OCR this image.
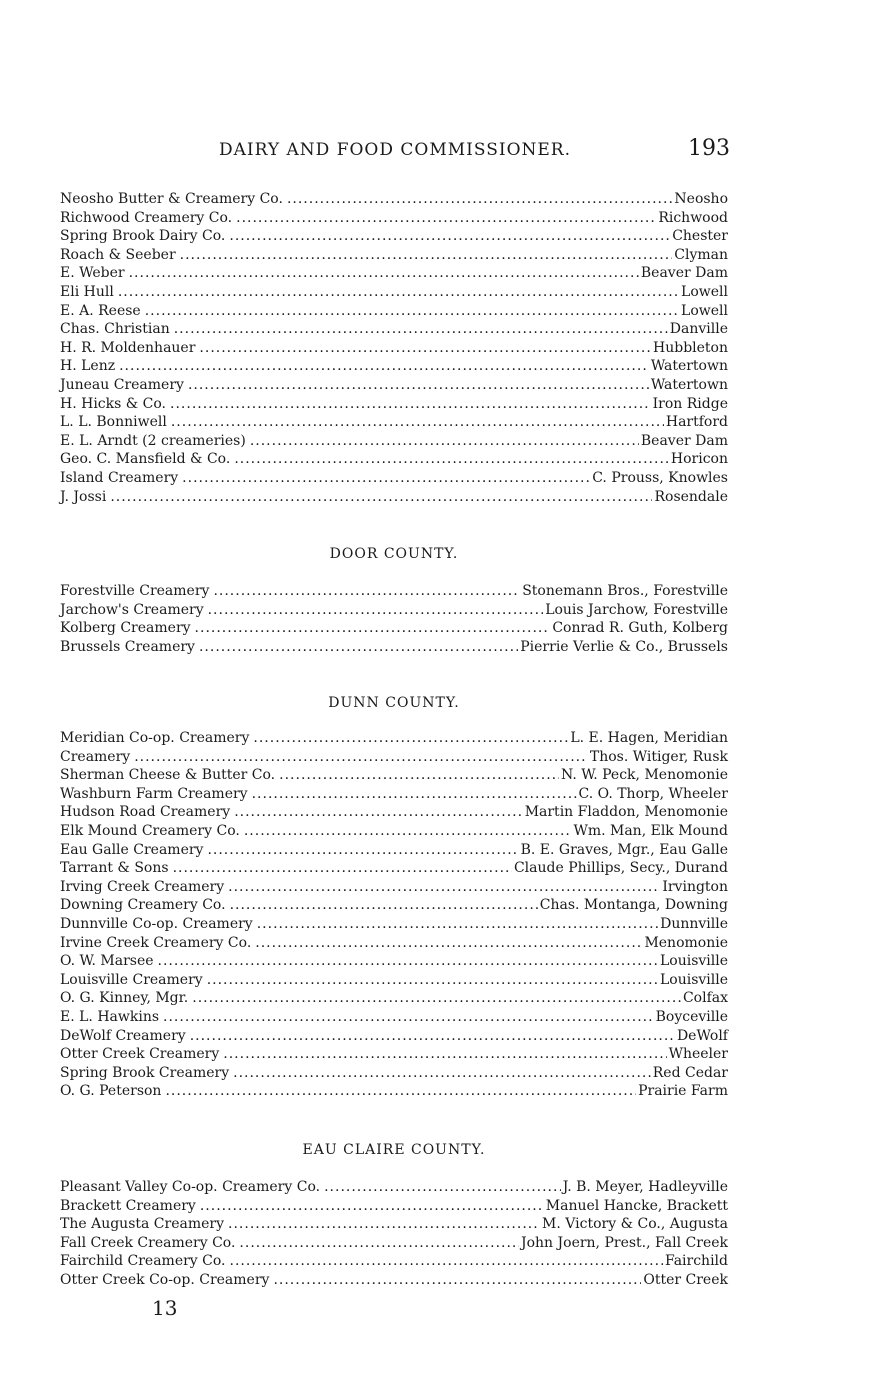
DAIRY AND FOOD COMMISSIONER.	193
Neosho Butter & Creamery Co. .....	Neosho
Richwood Creamery Co. .....	Richwood
Spring Brook Dairy Co. .....	Chester
Roach & Seeber .....	Clyman
E. Weber .....	Beaver Dam
Eli Hull .....	Lowell
E. A. Reese .....	Lowell
Chas. Christian .....	Danville
H. R. Moldenhauer .....	Hubbleton
H. Lenz .....	Watertown
Juneau Creamery .....	Watertown
H. Hicks & Co. .....	Iron Ridge
L. L. Bonniwell .....	Hartford
E. L. Arndt (2 creameries) .....	Beaver Dam
Geo. C. Mansfield & Co. .....	Horicon
Island Creamery .....	C. Prouss, Knowles
J. Jossi .....	Rosendale
DOOR COUNTY.
Forestville Creamery .....	Stonemann Bros., Forestville
Jarchow's Creamery .....	Louis Jarchow, Forestville
Kolberg Creamery .....	Conrad R. Guth, Kolberg
Brussels Creamery .....	Pierrie Verlie & Co., Brussels
DUNN COUNTY.
Meridian Co-op. Creamery .....	L. E. Hagen, Meridian
Creamery .....	Thos. Witiger, Rusk
Sherman Cheese & Butter Co. .....	N. W. Peck, Menomonie
Washburn Farm Creamery .....	C. O. Thorp, Wheeler
Hudson Road Creamery .....	Martin Fladdon, Menomonie
Elk Mound Creamery Co. .....	Wm. Man, Elk Mound
Eau Galle Creamery .....	B. E. Graves, Mgr., Eau Galle
Tarrant & Sons .....	Claude Phillips, Secy., Durand
Irving Creek Creamery .....	Irvington
Downing Creamery Co. .....	Chas. Montanga, Downing
Dunnville Co-op. Creamery .....	Dunnville
Irvine Creek Creamery Co. .....	Menomonie
O. W. Marsee .....	Louisville
Louisville Creamery .....	Louisville
O. G. Kinney, Mgr. .....	Colfax
E. L. Hawkins .....	Boyceville
DeWolf Creamery .....	DeWolf
Otter Creek Creamery .....	Wheeler
Spring Brook Creamery .....	Red Cedar
O. G. Peterson .....	Prairie Farm
EAU CLAIRE COUNTY.
Pleasant Valley Co-op. Creamery Co. .....	J. B. Meyer, Hadleyville
Brackett Creamery .....	Manuel Hancke, Brackett
The Augusta Creamery .....	M. Victory & Co., Augusta
Fall Creek Creamery Co. .....	John Joern, Prest., Fall Creek
Fairchild Creamery Co. .....	Fairchild
Otter Creek Co-op. Creamery .....	Otter Creek
13
